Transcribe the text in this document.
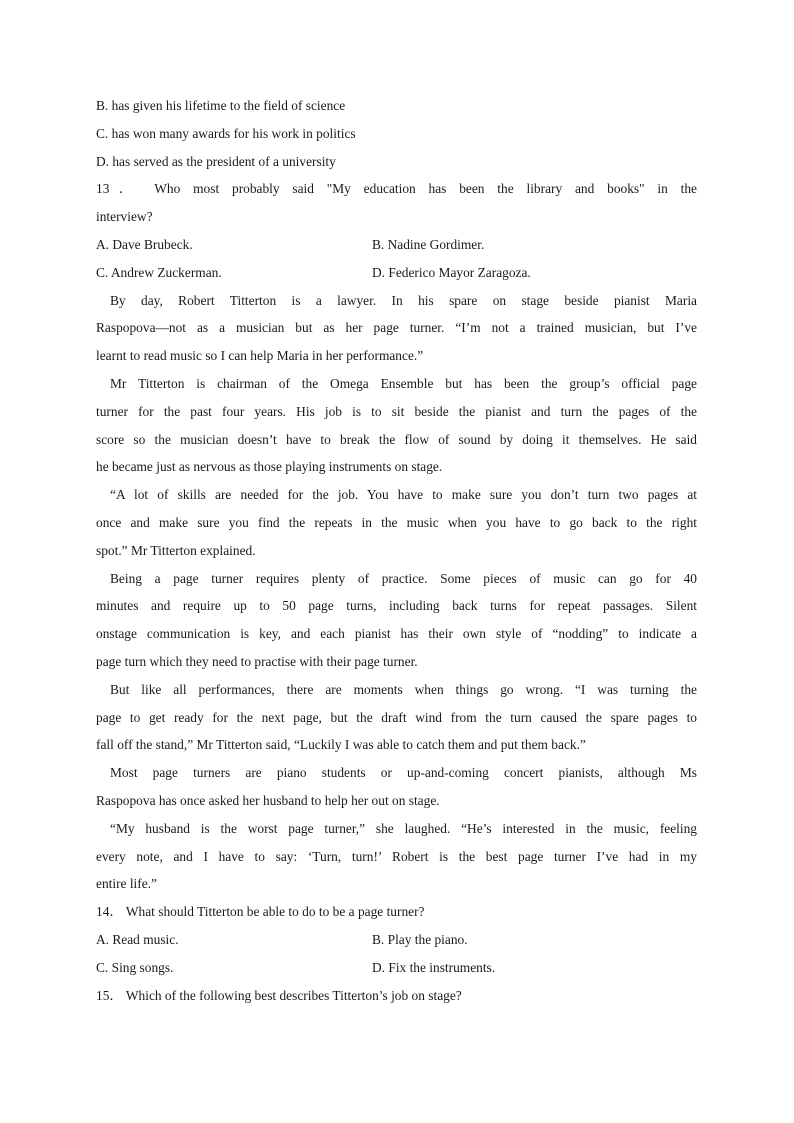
B. has given his lifetime to the field of science
C. has won many awards for his work in politics
D. has served as the president of a university
13． Who most probably said "My education has been the library and books" in the
interview?
A. Dave Brubeck.	B. Nadine Gordimer.
C. Andrew Zuckerman.	D. Federico Mayor Zaragoza.
By day, Robert Titterton is a lawyer. In his spare on stage beside pianist Maria
Raspopova—not as a musician but as her page turner. “I’m not a trained musician, but I’ve
learnt to read music so I can help Maria in her performance.”
Mr Titterton is chairman of the Omega Ensemble but has been the group’s official page
turner for the past four years. His job is to sit beside the pianist and turn the pages of the
score so the musician doesn’t have to break the flow of sound by doing it themselves. He said
he became just as nervous as those playing instruments on stage.
“A lot of skills are needed for the job. You have to make sure you don’t turn two pages at
once and make sure you find the repeats in the music when you have to go back to the right
spot.” Mr Titterton explained.
Being a page turner requires plenty of practice. Some pieces of music can go for 40
minutes and require up to 50 page turns, including back turns for repeat passages. Silent
onstage communication is key, and each pianist has their own style of “nodding” to indicate a
page turn which they need to practise with their page turner.
But like all performances, there are moments when things go wrong. “I was turning the
page to get ready for the next page, but the draft wind from the turn caused the spare pages to
fall off the stand,” Mr Titterton said, “Luckily I was able to catch them and put them back.”
Most page turners are piano students or up-and-coming concert pianists, although Ms
Raspopova has once asked her husband to help her out on stage.
“My husband is the worst page turner,” she laughed. “He’s interested in the music, feeling
every note, and I have to say: ‘Turn, turn!’ Robert is the best page turner I’ve had in my
entire life.”
14． What should Titterton be able to do to be a page turner?
A. Read music.	B. Play the piano.
C. Sing songs.	D. Fix the instruments.
15． Which of the following best describes Titterton’s job on stage?
